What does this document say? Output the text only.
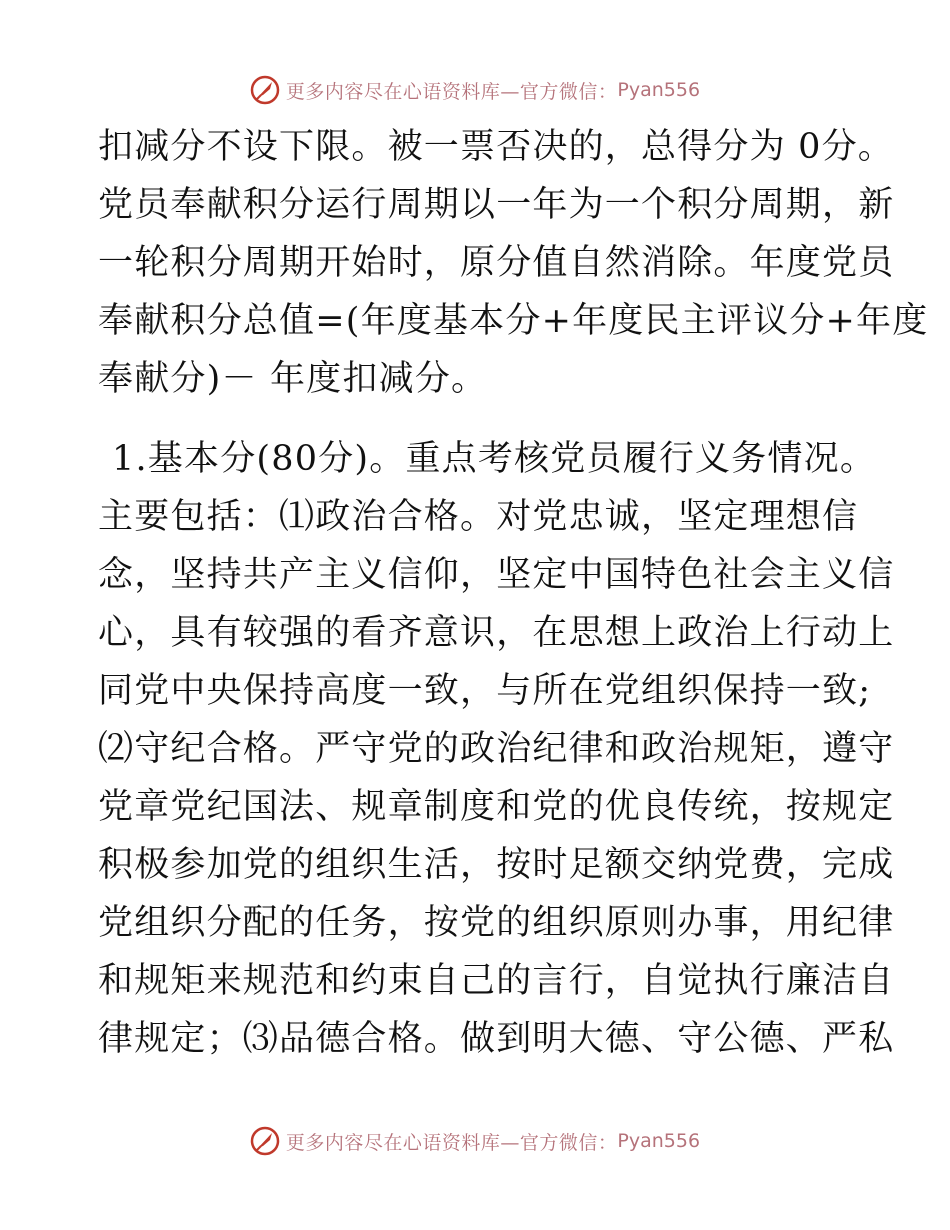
更多内容尽在心语资料库—官方微信： Pyan556
扣减分不设下限。被一票否决的，总得分为 0分。
党员奉献积分运行周期以一年为一个积分周期，新
一轮积分周期开始时，原分值自然消除。年度党员
奉献积分总值=(年度基本分+年度民主评议分+年度
奉献分)－ 年度扣减分。
1.基本分(80分)。重点考核党员履行义务情况。
主要包括：⑴政治合格。对党忠诚，坚定理想信
念，坚持共产主义信仰，坚定中国特色社会主义信
心，具有较强的看齐意识，在思想上政治上行动上
同党中央保持高度一致，与所在党组织保持一致;
⑵守纪合格。严守党的政治纪律和政治规矩，遵守
党章党纪国法、规章制度和党的优良传统，按规定
积极参加党的组织生活，按时足额交纳党费，完成
党组织分配的任务，按党的组织原则办事，用纪律
和规矩来规范和约束自己的言行，自觉执行廉洁自
律规定；⑶品德合格。做到明大德、守公德、严私
更多内容尽在心语资料库—官方微信： Pyan556
